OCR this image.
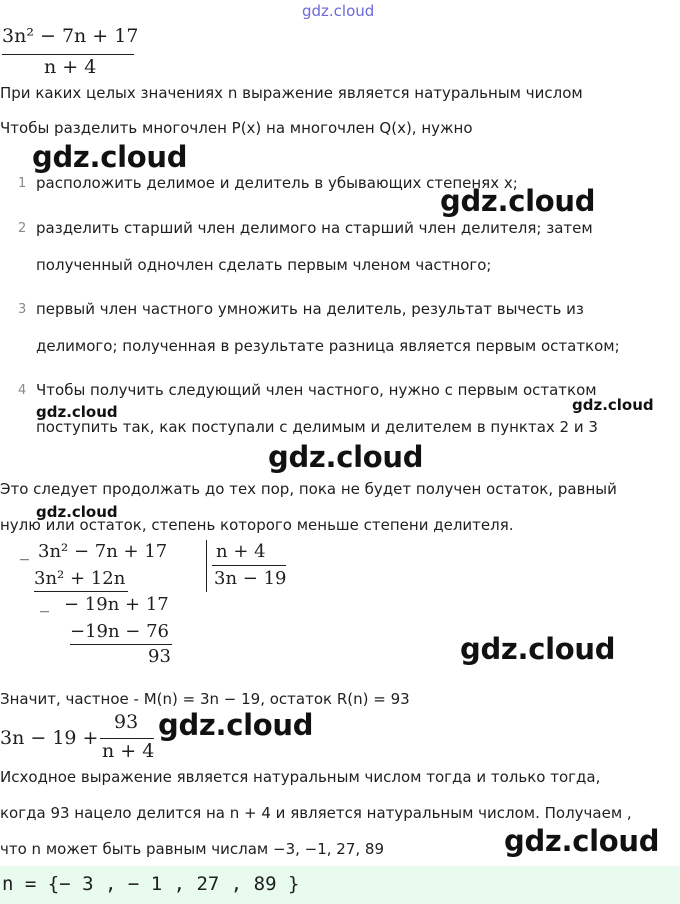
gdz.cloud
3n² − 7n + 17
n + 4
При каких целых значениях n выражение является натуральным числом
Чтобы разделить многочлен P(x) на многочлен Q(x), нужно
gdz.cloud
1 расположить делимое и делитель в убывающих степенях x;
gdz.cloud
2 разделить старший член делимого на старший член делителя; затем
полученный одночлен сделать первым членом частного;
3 первый член частного умножить на делитель, результат вычесть из
делимого; полученная в результате разница является первым остатком;
4 Чтобы получить следующий член частного, нужно с первым остатком
gdz.cloud	gdz.cloud
поступить так, как поступали с делимым и делителем в пунктах 2 и 3
gdz.cloud
Это следует продолжать до тех пор, пока не будет получен остаток, равный
gdz.cloud
нулю или остаток, степень которого меньше степени делителя.
_ 3n² − 7n + 17
3n² + 12n
_ − 19n + 17
−19n − 76
93
n + 4
3n − 19
gdz.cloud
Значит, частное - M(n) = 3n − 19, остаток R(n) = 93
3n − 19 +
93
n + 4
gdz.cloud
Исходное выражение является натуральным числом тогда и только тогда,
когда 93 нацело делится на n + 4 и является натуральным числом. Получаем ,
gdz.cloud
что n может быть равным числам −3, −1, 27, 89
n = {− 3 , − 1 , 27 , 89 }
